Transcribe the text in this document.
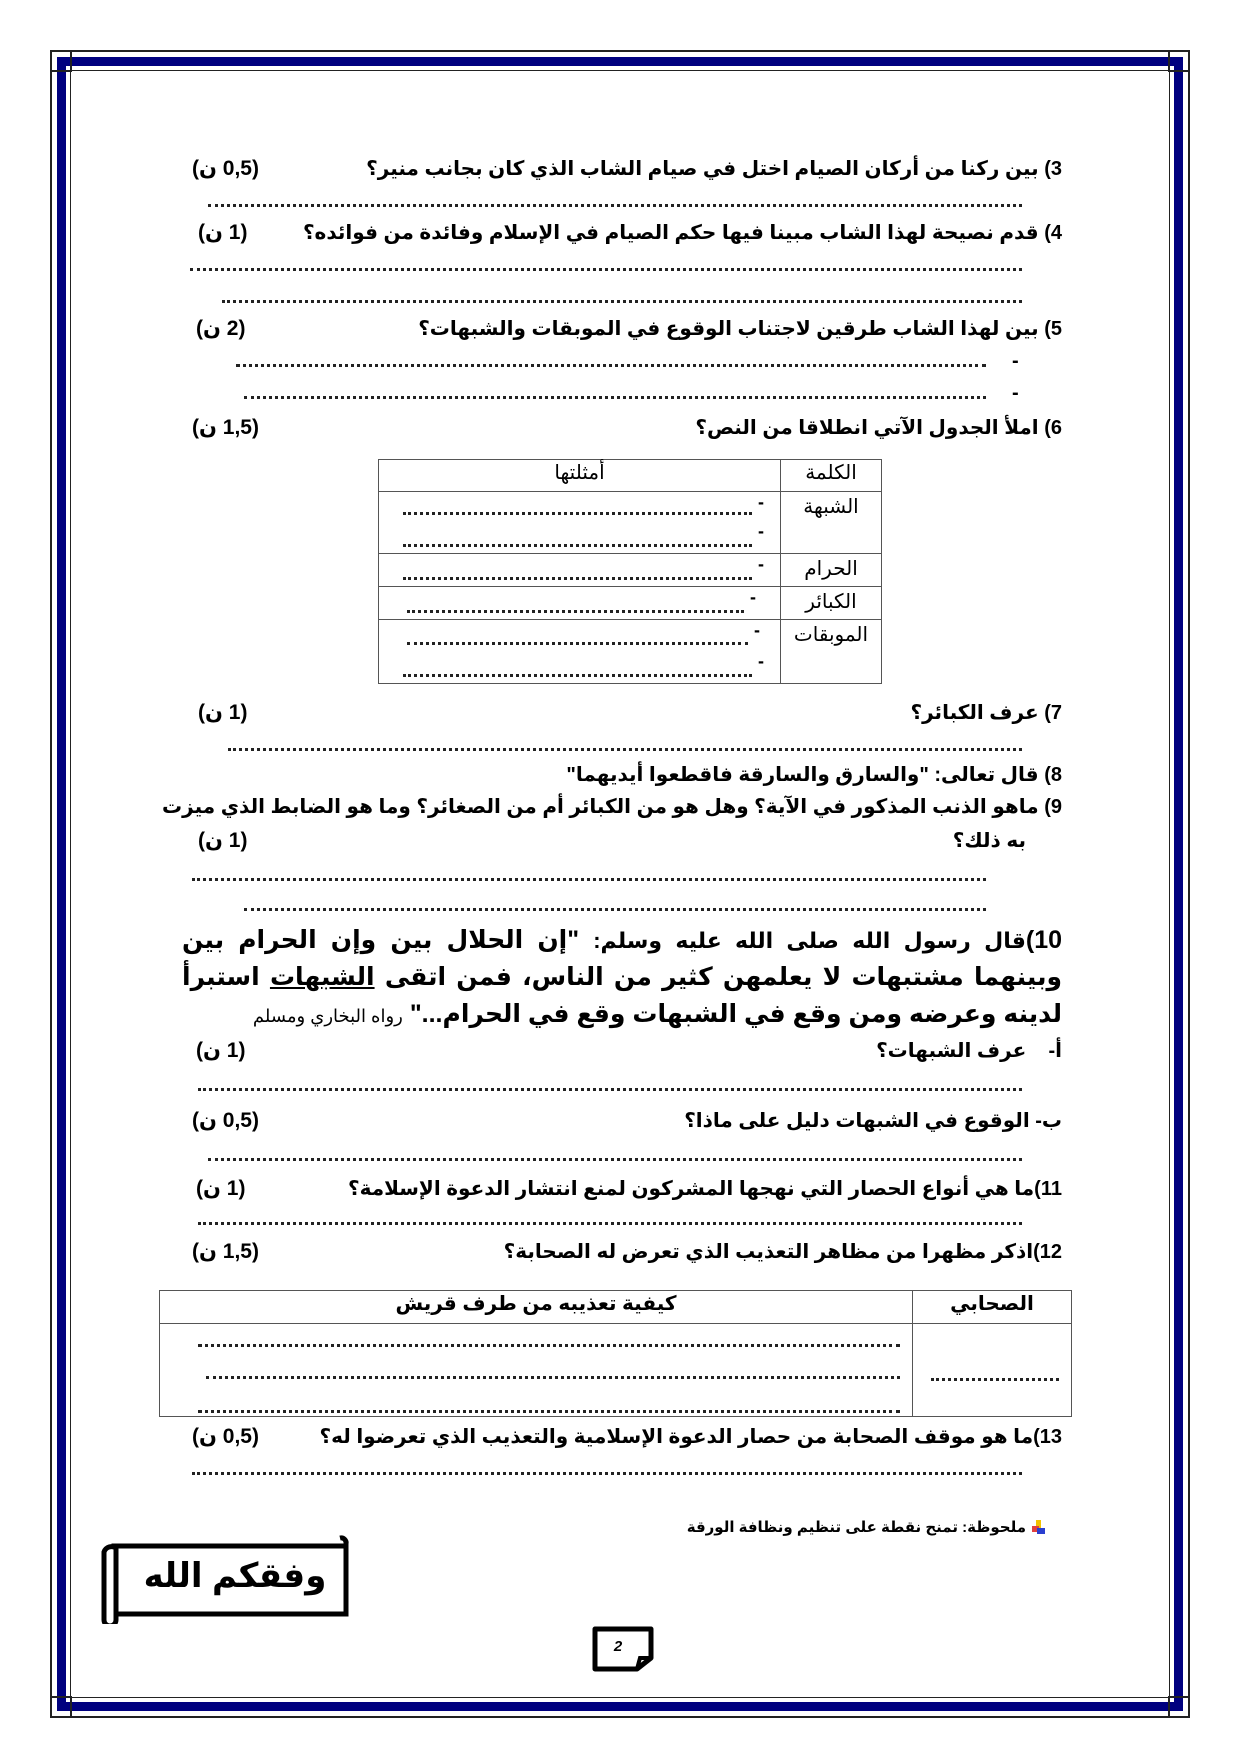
3) بين ركنا من أركان الصيام اختل في صيام الشاب الذي كان بجانب منير؟
(0,5 ن)
4) قدم نصيحة لهذا الشاب مبينا فيها حكم الصيام في الإسلام وفائدة من فوائده؟
(1 ن)
5) بين لهذا الشاب طرقين لاجتناب الوقوع في الموبقات والشبهات؟
(2 ن)
-
-
6) املأ الجدول الآتي انطلاقا من النص؟
(1,5 ن)
الكلمة	أمثلتها
الشبهة	-
-

الحرام	-

الكبائر	-

الموبقات	-
-
7) عرف الكبائر؟
(1 ن)
8) قال تعالى: "والسارق والسارقة فاقطعوا أيديهما"
9) ماهو الذنب المذكور في الآية؟ وهل هو من الكبائر أم من الصغائر؟ وما هو الضابط الذي ميزت
به ذلك؟
(1 ن)
10)قال رسول الله صلى الله عليه وسلم: "إن الحلال بين وإن الحرام بين وبينهما مشتبهات لا يعلمهن كثير من الناس، فمن اتقى الشبهات استبرأ لدينه وعرضه ومن وقع في الشبهات وقع في الحرام..." رواه البخاري ومسلم
أ-    عرف الشبهات؟
(1 ن)
ب- الوقوع في الشبهات دليل على ماذا؟
(0,5 ن)
11)ما هي أنواع الحصار التي نهجها المشركون لمنع انتشار الدعوة الإسلامة؟
(1 ن)
12)اذكر مظهرا من مظاهر التعذيب الذي تعرض له الصحابة؟
(1,5 ن)
الصحابي	كيفية تعذيبه من طرف قريش

13)ما هو موقف الصحابة من حصار الدعوة الإسلامية والتعذيب الذي تعرضوا له؟
(0,5 ن)
ملحوظة: تمنح نقطة على تنظيم ونظافة الورقة
وفقكم الله
2
